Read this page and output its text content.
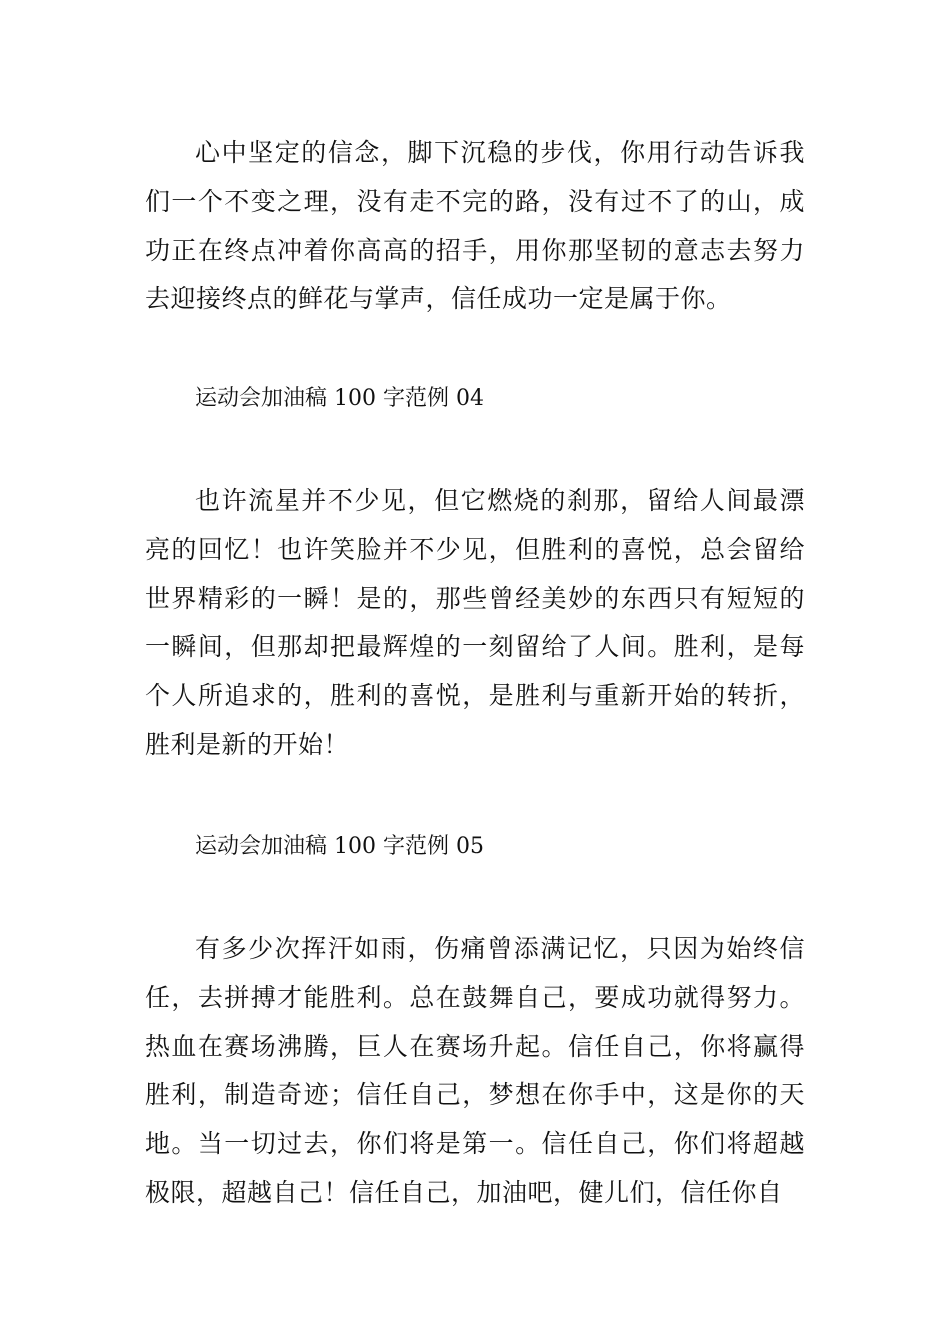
心中坚定的信念，脚下沉稳的步伐，你用行动告诉我们一个不变之理，没有走不完的路，没有过不了的山，成功正在终点冲着你高高的招手，用你那坚韧的意志去努力去迎接终点的鲜花与掌声，信任成功一定是属于你。

运动会加油稿 100 字范例 04

也许流星并不少见，但它燃烧的刹那，留给人间最漂亮的回忆！也许笑脸并不少见，但胜利的喜悦，总会留给世界精彩的一瞬！是的，那些曾经美妙的东西只有短短的一瞬间，但那却把最辉煌的一刻留给了人间。胜利，是每个人所追求的，胜利的喜悦，是胜利与重新开始的转折，胜利是新的开始！

运动会加油稿 100 字范例 05

有多少次挥汗如雨，伤痛曾添满记忆，只因为始终信任，去拼搏才能胜利。总在鼓舞自己，要成功就得努力。热血在赛场沸腾，巨人在赛场升起。信任自己，你将赢得胜利，制造奇迹；信任自己，梦想在你手中，这是你的天地。当一切过去，你们将是第一。信任自己，你们将超越极限，超越自己！信任自己，加油吧，健儿们，信任你自
